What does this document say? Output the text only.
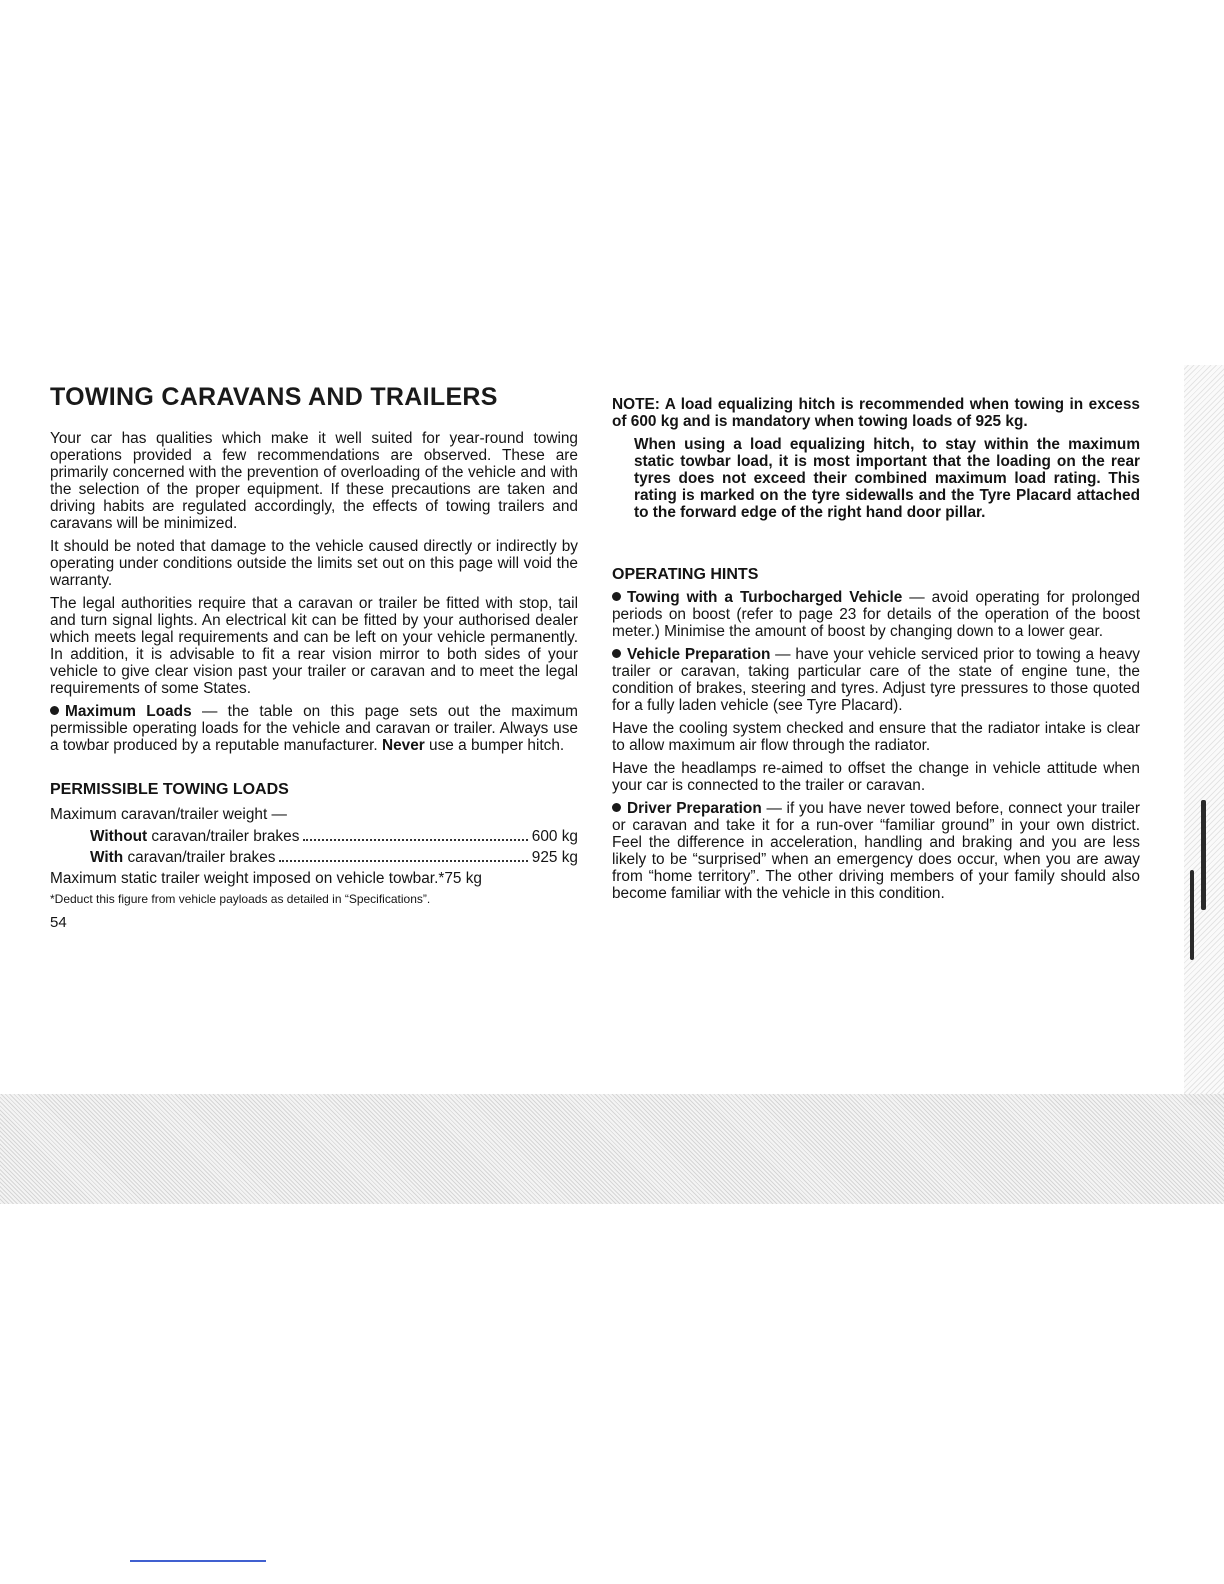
TOWING CARAVANS AND TRAILERS

Your car has qualities which make it well suited for year-round towing operations provided a few recommendations are observed. These are primarily concerned with the prevention of overloading of the vehicle and with the selection of the proper equipment. If these precautions are taken and driving habits are regulated accordingly, the effects of towing trailers and caravans will be minimized.

It should be noted that damage to the vehicle caused directly or indirectly by operating under conditions outside the limits set out on this page will void the warranty.

The legal authorities require that a caravan or trailer be fitted with stop, tail and turn signal lights. An electrical kit can be fitted by your authorised dealer which meets legal requirements and can be left on your vehicle permanently. In addition, it is advisable to fit a rear vision mirror to both sides of your vehicle to give clear vision past your trailer or caravan and to meet the legal requirements of some States.

Maximum Loads — the table on this page sets out the maximum permissible operating loads for the vehicle and caravan or trailer. Always use a towbar produced by a reputable manufacturer. Never use a bumper hitch.

PERMISSIBLE TOWING LOADS
Maximum caravan/trailer weight —
Without caravan/trailer brakes	600 kg
With caravan/trailer brakes	925 kg
Maximum static trailer weight imposed on vehicle towbar.*75 kg
*Deduct this figure from vehicle payloads as detailed in “Specifications”.
54

NOTE: A load equalizing hitch is recommended when towing in excess of 600 kg and is mandatory when towing loads of 925 kg.

When using a load equalizing hitch, to stay within the maximum static towbar load, it is most important that the loading on the rear tyres does not exceed their combined maximum load rating. This rating is marked on the tyre sidewalls and the Tyre Placard attached to the forward edge of the right hand door pillar.

OPERATING HINTS

Towing with a Turbocharged Vehicle — avoid operating for prolonged periods on boost (refer to page 23 for details of the operation of the boost meter.) Minimise the amount of boost by changing down to a lower gear.

Vehicle Preparation — have your vehicle serviced prior to towing a heavy trailer or caravan, taking particular care of the state of engine tune, the condition of brakes, steering and tyres. Adjust tyre pressures to those quoted for a fully laden vehicle (see Tyre Placard).

Have the cooling system checked and ensure that the radiator intake is clear to allow maximum air flow through the radiator.

Have the headlamps re-aimed to offset the change in vehicle attitude when your car is connected to the trailer or caravan.

Driver Preparation — if you have never towed before, connect your trailer or caravan and take it for a run-over “familiar ground” in your own district. Feel the difference in acceleration, handling and braking and you are less likely to be “surprised” when an emergency does occur, when you are away from “home territory”. The other driving members of your family should also become familiar with the vehicle in this condition.
